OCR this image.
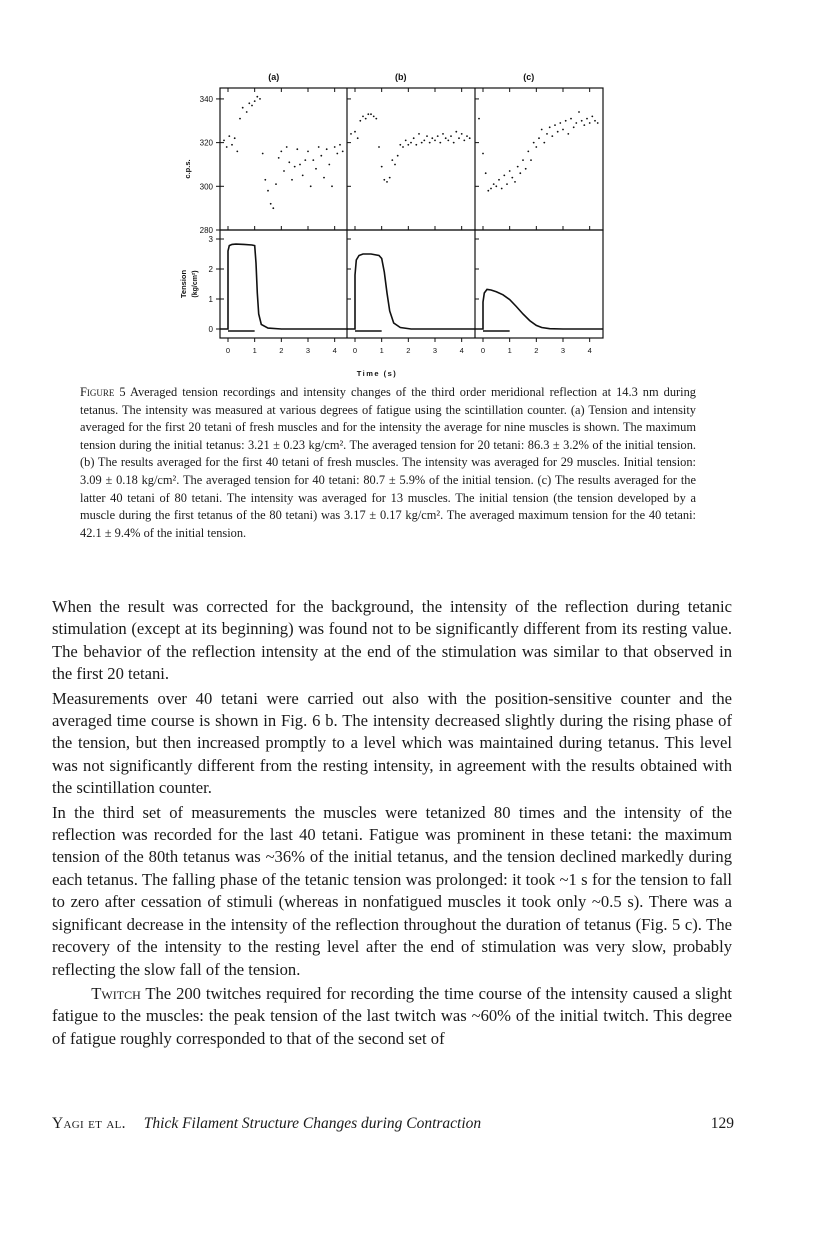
(a)	(b)	(c)
340
320
300
280
c.p.s.
3
2
1
0
Tension (kg/cm²)
0	1	2	3	4 0	1	2	3	4 0	1	2	3	4
Time (s)
Figure 5 Averaged tension recordings and intensity changes of the third order meridional reflection at 14.3 nm during tetanus. The intensity was measured at various degrees of fatigue using the scintillation counter. (a) Tension and intensity averaged for the first 20 tetani of fresh muscles and for the intensity the average for nine muscles is shown. The maximum tension during the initial tetanus: 3.21 ± 0.23 kg/cm². The averaged tension for 20 tetani: 86.3 ± 3.2% of the initial tension. (b) The results averaged for the first 40 tetani of fresh muscles. The intensity was averaged for 29 muscles. Initial tension: 3.09 ± 0.18 kg/cm². The averaged tension for 40 tetani: 80.7 ± 5.9% of the initial tension. (c) The results averaged for the latter 40 tetani of 80 tetani. The intensity was averaged for 13 muscles. The initial tension (the tension developed by a muscle during the first tetanus of the 80 tetani) was 3.17 ± 0.17 kg/cm². The averaged maximum tension for the 40 tetani: 42.1 ± 9.4% of the initial tension.

When the result was corrected for the background, the intensity of the reflection during tetanic stimulation (except at its beginning) was found not to be significantly different from its resting value. The behavior of the reflection intensity at the end of the stimulation was similar to that observed in the first 20 tetani.

Measurements over 40 tetani were carried out also with the position-sensitive counter and the averaged time course is shown in Fig. 6 b. The intensity decreased slightly during the rising phase of the tension, but then increased promptly to a level which was maintained during tetanus. This level was not significantly different from the resting intensity, in agreement with the results obtained with the scintillation counter.

In the third set of measurements the muscles were tetanized 80 times and the intensity of the reflection was recorded for the last 40 tetani. Fatigue was prominent in these tetani: the maximum tension of the 80th tetanus was ~36% of the initial tetanus, and the tension declined markedly during each tetanus. The falling phase of the tetanic tension was prolonged: it took ~1 s for the tension to fall to zero after cessation of stimuli (whereas in nonfatigued muscles it took only ~0.5 s). There was a significant decrease in the intensity of the reflection throughout the duration of tetanus (Fig. 5 c). The recovery of the intensity to the resting level after the end of stimulation was very slow, probably reflecting the slow fall of the tension.

Twitch The 200 twitches required for recording the time course of the intensity caused a slight fatigue to the muscles: the peak tension of the last twitch was ~60% of the initial twitch. This degree of fatigue roughly corresponded to that of the second set of

Yagi et al. Thick Filament Structure Changes during Contraction	129
